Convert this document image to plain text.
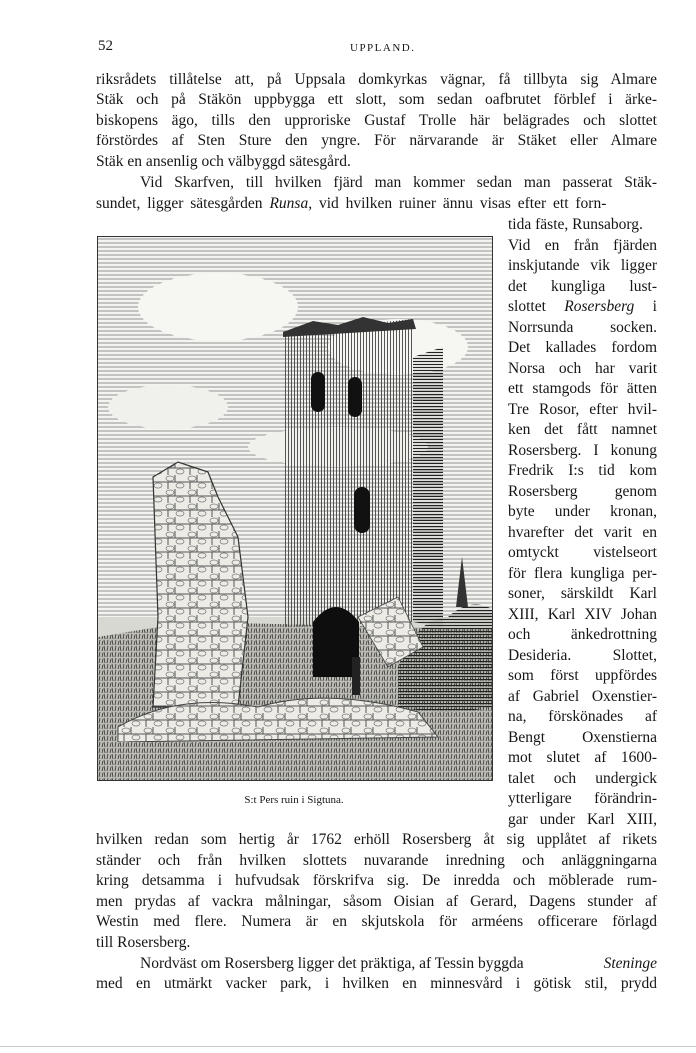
52	UPPLAND.
riksrådets tillåtelse att, på Uppsala domkyrkas vägnar, få tillbyta sig Almare
Stäk och på Stäkön uppbygga ett slott, som sedan oafbrutet förblef i ärke-
biskopens ägo, tills den upproriske Gustaf Trolle här belägrades och slottet
förstördes af Sten Sture den yngre. För närvarande är Stäket eller Almare
Stäk en ansenlig och välbyggd sätesgård.
Vid Skarfven, till hvilken fjärd man kommer sedan man passerat Stäk-
sundet, ligger sätesgården Runsa, vid hvilken ruiner ännu visas efter ett forn-
tida fäste, Runsaborg.
Vid en från fjärden
inskjutande vik ligger
det kungliga lust-
slottet Rosersberg i
Norrsunda socken.
Det kallades fordom
Norsa och har varit
ett stamgods för ätten
Tre Rosor, efter hvil-
ken det fått namnet
Rosersberg. I konung
Fredrik I:s tid kom
Rosersberg genom
byte under kronan,
hvarefter det varit en
omtyckt vistelseort
för flera kungliga per-
soner, särskildt Karl
XIII, Karl XIV Johan
och änkedrottning
Desideria. Slottet,
som först uppfördes
af Gabriel Oxenstier-
na, förskönades af
Bengt Oxenstierna
mot slutet af 1600-
talet och undergick
ytterligare förändrin-
gar under Karl XIII,
S:t Pers ruin i Sigtuna.
hvilken redan som hertig år 1762 erhöll Rosersberg åt sig upplåtet af rikets
ständer och från hvilken slottets nuvarande inredning och anläggningarna
kring detsamma i hufvudsak förskrifva sig. De inredda och möblerade rum-
men prydas af vackra målningar, såsom Oisian af Gerard, Dagens stunder af
Westin med flere. Numera är en skjutskola för arméens officerare förlagd
till Rosersberg.
Nordväst om Rosersberg ligger det präktiga, af Tessin byggda	Steninge
med en utmärkt vacker park, i hvilken en minnesvård i götisk stil, prydd
